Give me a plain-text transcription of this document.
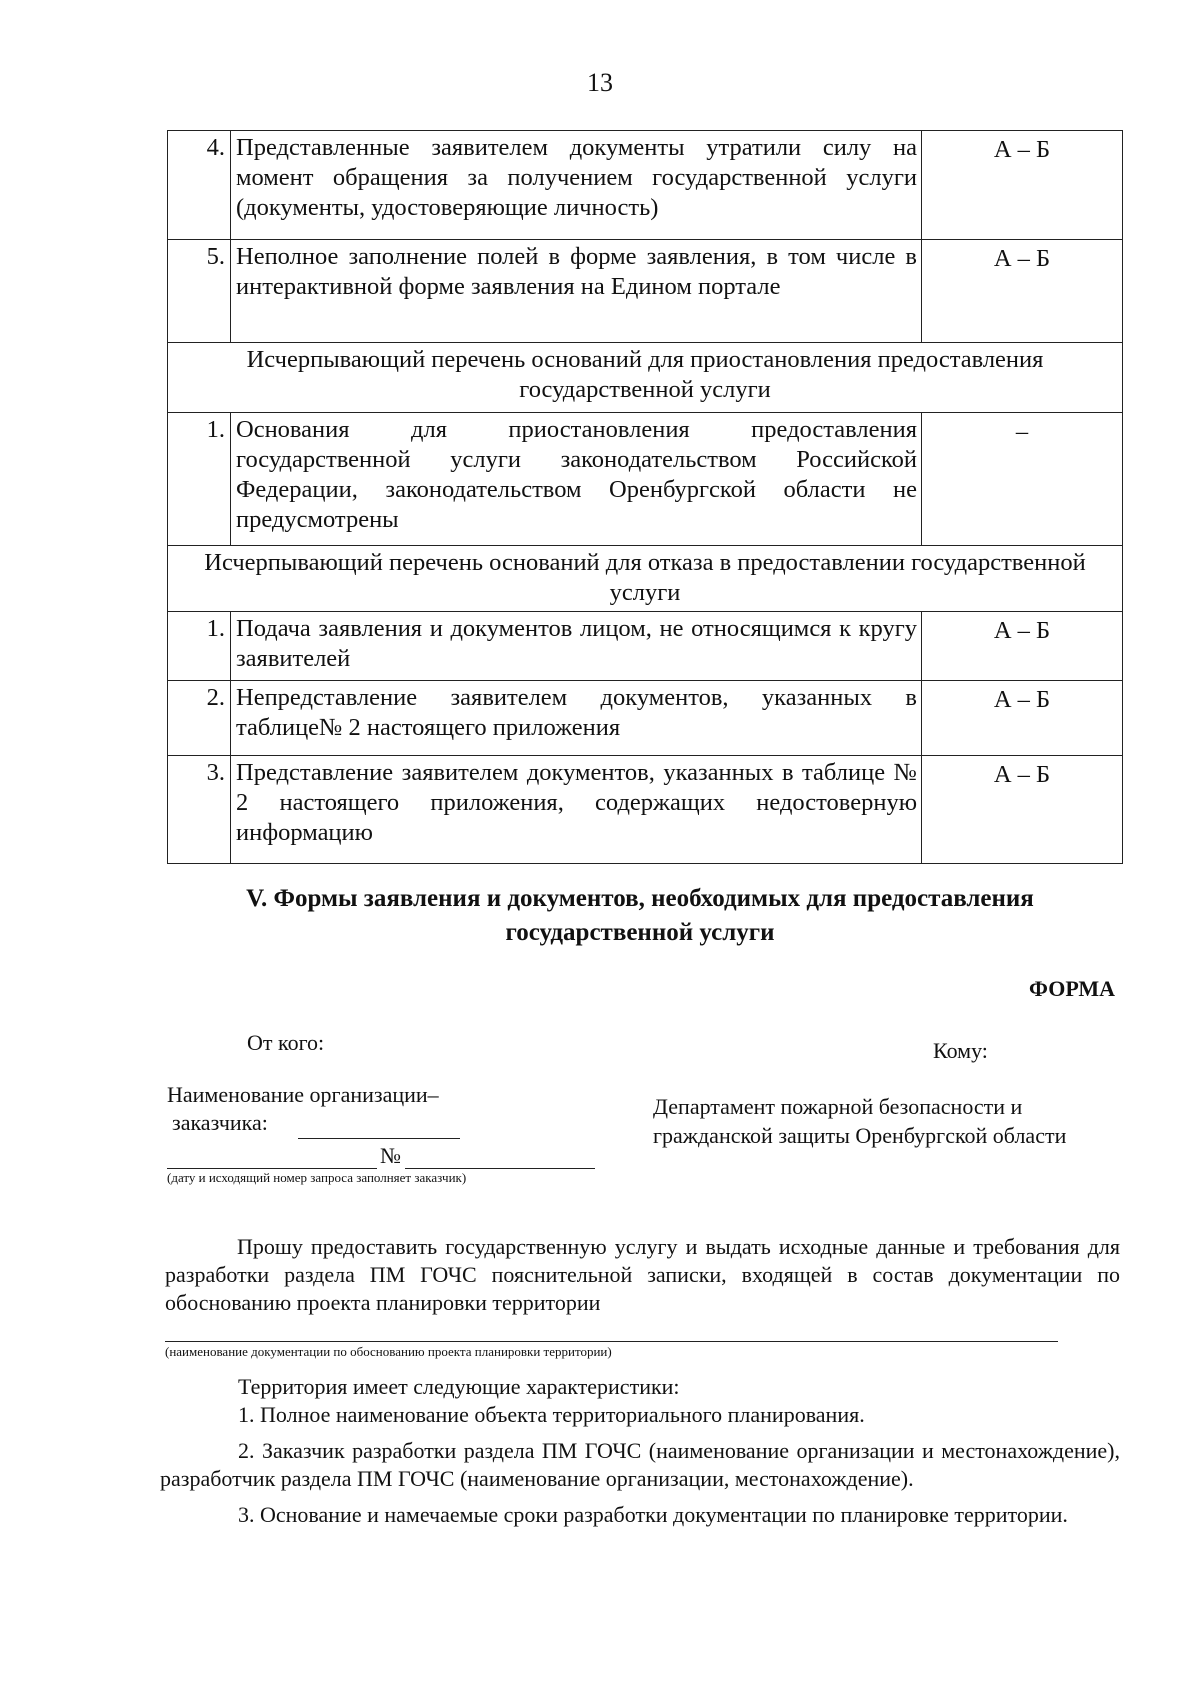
13
4.	Представленные заявителем документы утратили силу на момент обращения за получением государственной услуги (документы, удостоверяющие личность)	А – Б
5.	Неполное заполнение полей в форме заявления, в том числе в интерактивной форме заявления на Едином портале	А – Б
Исчерпывающий перечень оснований для приостановления предоставления государственной услуги		
1.	Основания для приостановления предоставления государственной услуги законодательством Российской Федерации, законодательством Оренбургской области не предусмотрены	–
Исчерпывающий перечень оснований для отказа в предоставлении государственной услуги		
1.	Подача заявления и документов лицом, не относящимся к кругу заявителей	А – Б
2.	Непредставление заявителем документов, указанных в таблице№ 2 настоящего приложения	А – Б
3.	Представление заявителем документов, указанных в таблице № 2 настоящего приложения, содержащих недостоверную информацию	А – Б
V. Формы заявления и документов, необходимых для предоставления государственной услуги
ФОРМА
От кого:	Кому:
Наименование организации–
заказчика:
Департамент пожарной безопасности и
гражданской защиты Оренбургской области
№
(дату и исходящий номер запроса заполняет заказчик)
Прошу предоставить государственную услугу и выдать исходные данные и требования для разработки раздела ПМ ГОЧС пояснительной записки, входящей в состав документации по обоснованию проекта планировки территории
(наименование документации по обоснованию проекта планировки территории)

Территория имеет следующие характеристики:

1. Полное наименование объекта территориального планирования.

2. Заказчик разработки раздела ПМ ГОЧС (наименование организации и местонахождение), разработчик раздела ПМ ГОЧС (наименование организации, местонахождение).

3. Основание и намечаемые сроки разработки документации по планировке территории.
